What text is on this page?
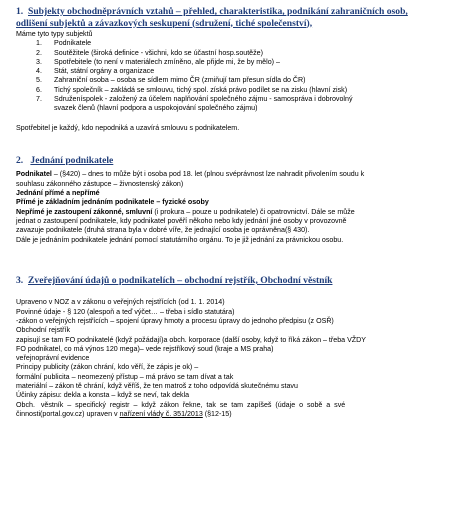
1. Subjekty obchodněprávních vztahů – přehled, charakteristika, podnikání zahraničních osob,
odlišení subjektů a závazkových seskupení (sdružení, tiché společenství),
Máme tyto typy subjektů
1. Podnikatele
2. Soutěžitele (široká definice - všichni, kdo se účastní hosp.soutěže)
3. Spotřebitele (to není v materiálech zmíněno, ale přijde mi, že by mělo) –
4. Stát, státní orgány a organizace
5. Zahraniční osoba – osoba se sídlem mimo ČR (zmiňují tam přesun sídla do ČR)
6. Tichý společník – zakládá se smlouvu, tichý spol. získá právo podílet se na zisku (hlavní zisk)
7. Sdruženíspolek - založený za účelem naplňování společného zájmu - samospráva i dobrovolný
svazek členů (hlavní podpora a uspokojování společného zájmu)
Spotřebitel je každý, kdo nepodniká a uzavírá smlouvu s podnikatelem.
2. Jednání podnikatele
Podnikatel – (§420) – dnes to může být i osoba pod 18. let (plnou svéprávnost lze nahradit přivolením soudu k
souhlasu zákonného zástupce – živnostenský zákon)
Jednání přímé a nepřímé
Přímé je základním jednáním podnikatele – fyzické osoby
Nepřímé je zastoupení zákonné, smluvní (i prokura – pouze u podnikatele) či opatrovnictví. Dále se může
jednat o zastoupení podnikatele, kdy podnikatel pověří někoho nebo kdy jednání jiné osoby v provozovně
zavazuje podnikatele (druhá strana byla v dobré víře, že jednající osoba je oprávněna(§ 430).
Dále je jednáním podnikatele jednání pomocí statutárního orgánu. To je již jednání za právnickou osobu.
3. Zveřejňování údajů o podnikatelích – obchodní rejstřík, Obchodní věstník
Upraveno v NOZ a v zákonu o veřejných rejstřících (od 1. 1. 2014)
Povinné údaje - § 120 (alespoň a teď výčet… – třeba i sídlo statutára)
-zákon o veřejných rejstřících – spojení úpravy hmoty a procesu úpravy do jednoho předpisu (z OSŘ)
Obchodní rejstřík
zapisují se tam FO podnikatelé (když požádají)a obch. korporace (další osoby, když to říká zákon – třeba VŽDY
FO podnikatel, co má výnos 120 mega)– vede rejstříkový soud (kraje a MS praha)
veřejnoprávní evidence
Principy publicity (zákon chrání, kdo věří, že zápis je ok) –
formální publicita – neomezený přístup – má právo se tam dívat a tak
materiální – zákon tě chrání, když věříš, že ten matroš z toho odpovídá skutečnému stavu
Účinky zápisu: dekla a konsta – když se neví, tak dekla
Obch.   věstník  –  specifický  registr  –  když  zákon  řekne,  tak  se  tam  zapíšeš  (údaje  o  sobě  a  své
činnosti(portal.gov.cz) upraven v nařízení vlády č. 351/2013 (§12-15)
